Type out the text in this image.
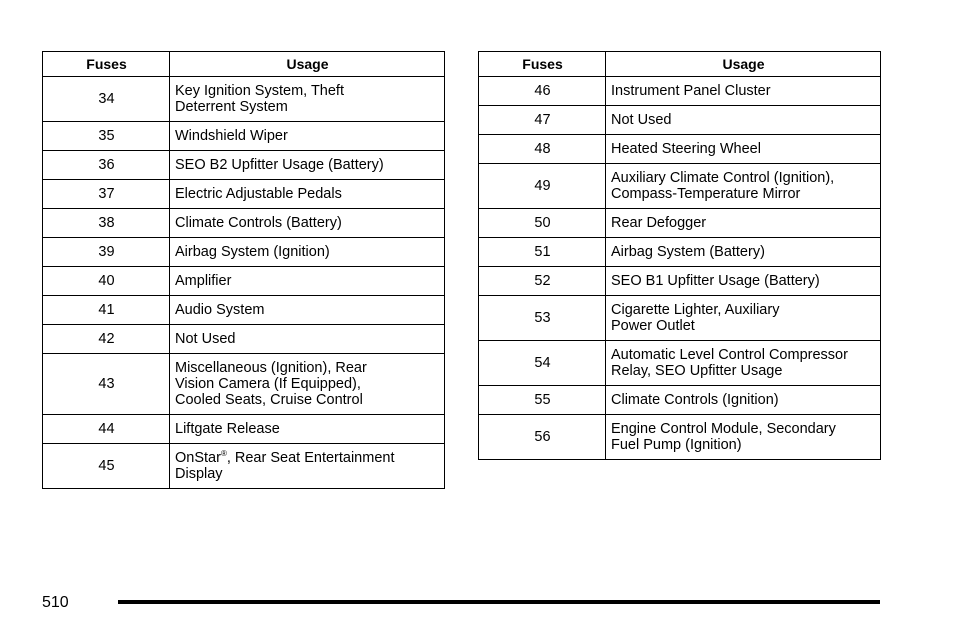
Fuses	Usage
34	Key Ignition System, Theft
Deterrent System
35	Windshield Wiper
36	SEO B2 Upfitter Usage (Battery)
37	Electric Adjustable Pedals
38	Climate Controls (Battery)
39	Airbag System (Ignition)
40	Amplifier
41	Audio System
42	Not Used
43	Miscellaneous (Ignition), Rear
Vision Camera (If Equipped),
Cooled Seats, Cruise Control
44	Liftgate Release
45	OnStar®, Rear Seat Entertainment
Display
Fuses	Usage
46	Instrument Panel Cluster
47	Not Used
48	Heated Steering Wheel
49	Auxiliary Climate Control (Ignition),
Compass-Temperature Mirror
50	Rear Defogger
51	Airbag System (Battery)
52	SEO B1 Upfitter Usage (Battery)
53	Cigarette Lighter, Auxiliary
Power Outlet
54	Automatic Level Control Compressor
Relay, SEO Upfitter Usage
55	Climate Controls (Ignition)
56	Engine Control Module, Secondary
Fuel Pump (Ignition)
510
